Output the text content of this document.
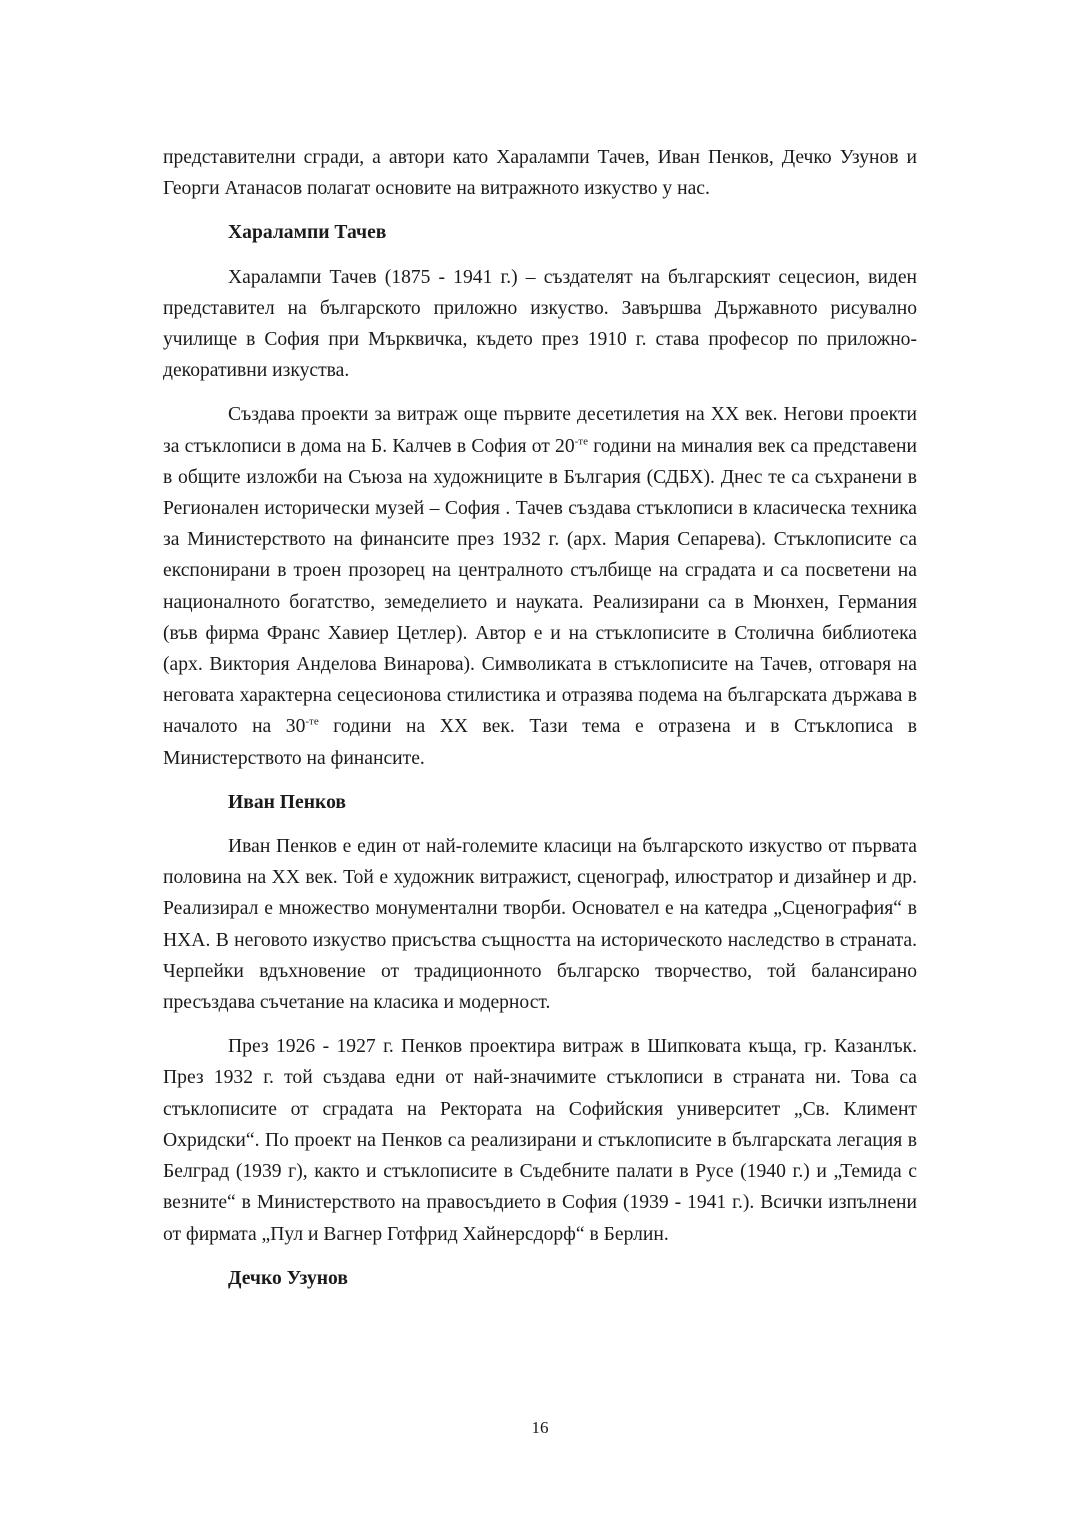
представителни сгради, а автори като Харалампи Тачев, Иван Пенков, Дечко Узунов и Георги Атанасов полагат основите на витражното изкуство у нас.

Харалампи Тачев

Харалампи Тачев (1875 - 1941 г.) – създателят на българският сецесион, виден представител на българското приложно изкуство. Завършва Държавното рисувално училище в София при Мърквичка, където през 1910 г. става професор по приложно-декоративни изкуства.

Създава проекти за витраж още първите десетилетия на ХХ век. Негови проекти за стъклописи в дома на Б. Калчев в София от $20^{-те}$ години на миналия век са представени в общите изложби на Съюза на художниците в България (СДБХ). Днес те са съхранени в Регионален исторически музей – София . Тачев създава стъклописи в класическа техника за Министерството на финансите през 1932 г. (арх. Мария Сепарева). Стъклописите са експонирани в троен прозорец на централното стълбище на сградата и са посветени на националното богатство, земеделието и науката. Реализирани са в Мюнхен, Германия (във фирма Франс Хавиер Цетлер). Автор е и на стъклописите в Столична библиотека (арх. Виктория Анделова Винарова). Символиката в стъклописите на Тачев, отговаря на неговата характерна сецесионова стилистика и отразява подема на българската държава в началото на $30^{-те}$ години на ХХ век. Тази тема е отразена и в Стъклописа в Министерството на финансите.

Иван Пенков

Иван Пенков е един от най-големите класици на българското изкуство от първата половина на ХХ век. Той е художник витражист, сценограф, илюстратор и дизайнер и др. Реализирал е множество монументални творби. Основател е на катедра „Сценография“ в НХА. В неговото изкуство присъства същността на историческото наследство в страната. Черпейки вдъхновение от традиционното българско творчество, той балансирано пресъздава съчетание на класика и модерност.

През 1926 - 1927 г. Пенков проектира витраж в Шипковата къща, гр. Казанлък. През 1932 г. той създава едни от най-значимите стъклописи в страната ни. Това са стъклописите от сградата на Ректората на Софийския университет „Св. Климент Охридски“. По проект на Пенков са реализирани и стъклописите в българската легация в Белград (1939 г), както и стъклописите в Съдебните палати в Русе (1940 г.) и „Темида с везните“ в Министерството на правосъдието в София (1939 - 1941 г.). Всички изпълнени от фирмата „Пул и Вагнер Готфрид Хайнерсдорф“ в Берлин.

Дечко Узунов

16
